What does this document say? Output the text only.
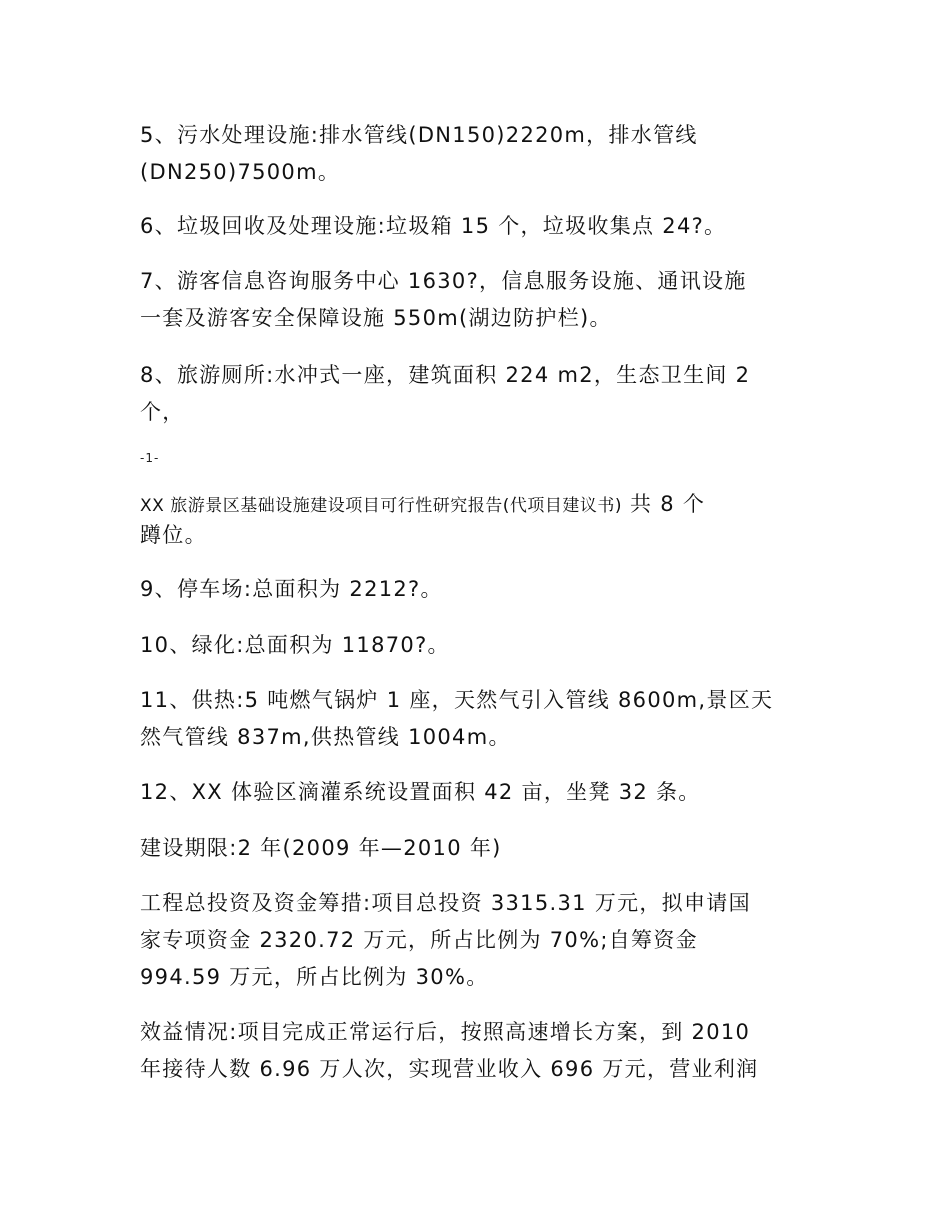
5、污水处理设施:排水管线(DN150)2220m，排水管线
(DN250)7500m。
6、垃圾回收及处理设施:垃圾箱 15 个，垃圾收集点 24?。
7、游客信息咨询服务中心 1630?，信息服务设施、通讯设施
一套及游客安全保障设施 550m(湖边防护栏)。
8、旅游厕所:水冲式一座，建筑面积 224 m2，生态卫生间 2
个，
-1-
XX 旅游景区基础设施建设项目可行性研究报告(代项目建议书) 共 8 个
蹲位。
9、停车场:总面积为 2212?。
10、绿化:总面积为 11870?。
11、供热:5 吨燃气锅炉 1 座，天然气引入管线 8600m,景区天
然气管线 837m,供热管线 1004m。
12、XX 体验区滴灌系统设置面积 42 亩，坐凳 32 条。
建设期限:2 年(2009 年—2010 年)
工程总投资及资金筹措:项目总投资 3315.31 万元，拟申请国
家专项资金 2320.72 万元，所占比例为 70%;自筹资金
994.59 万元，所占比例为 30%。
效益情况:项目完成正常运行后，按照高速增长方案，到 2010
年接待人数 6.96 万人次，实现营业收入 696 万元，营业利润
